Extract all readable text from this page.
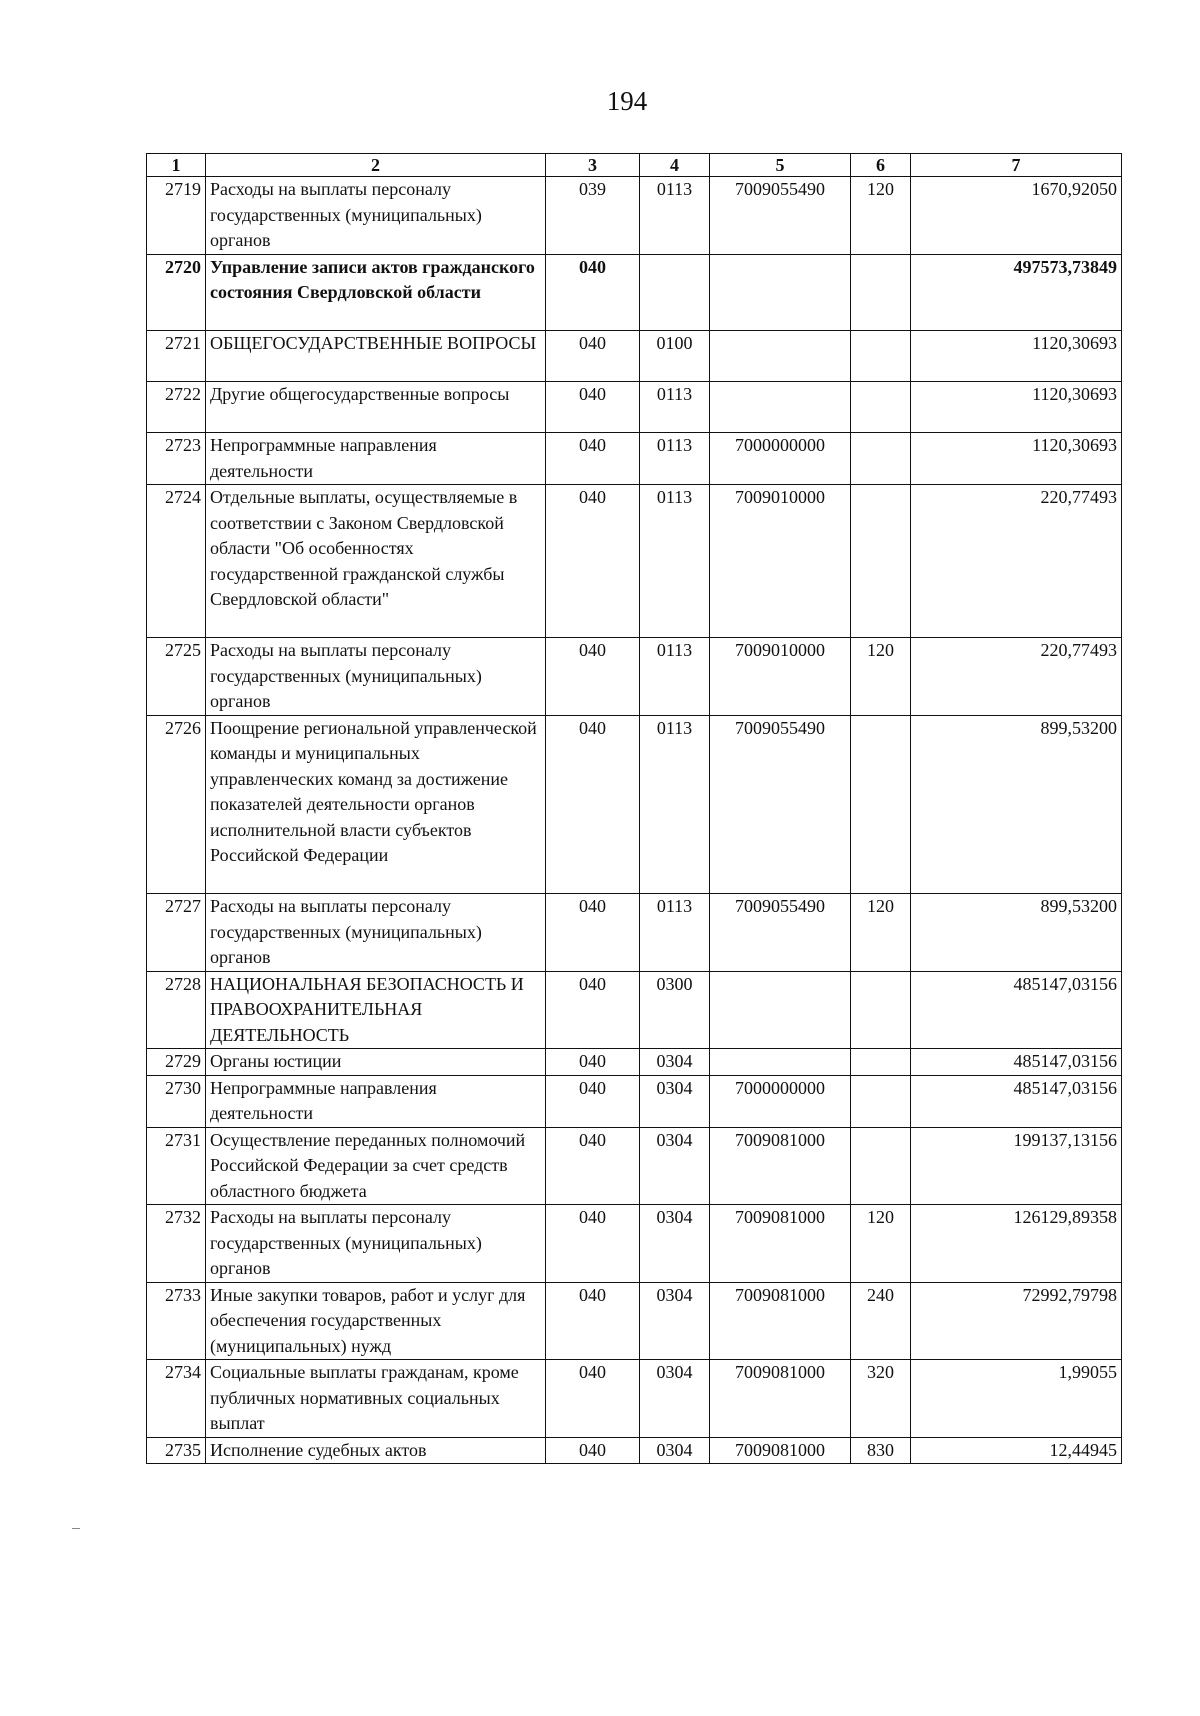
194
1	2	3	4	5	6	7
2719	Расходы на выплаты персоналу государственных (муниципальных) органов	039	0113	7009055490	120	1670,92050
2720	Управление записи актов гражданского состояния Свердловской области	040				497573,73849
2721	ОБЩЕГОСУДАРСТВЕННЫЕ ВОПРОСЫ	040	0100			1120,30693
2722	Другие общегосударственные вопросы	040	0113			1120,30693
2723	Непрограммные направления деятельности	040	0113	7000000000		1120,30693
2724	Отдельные выплаты, осуществляемые в соответствии с Законом Свердловской области "Об особенностях государственной гражданской службы Свердловской области"	040	0113	7009010000		220,77493
2725	Расходы на выплаты персоналу государственных (муниципальных) органов	040	0113	7009010000	120	220,77493
2726	Поощрение региональной управленческой команды и муниципальных управленческих команд за достижение показателей деятельности органов исполнительной власти субъектов Российской Федерации	040	0113	7009055490		899,53200
2727	Расходы на выплаты персоналу государственных (муниципальных) органов	040	0113	7009055490	120	899,53200
2728	НАЦИОНАЛЬНАЯ БЕЗОПАСНОСТЬ И ПРАВООХРАНИТЕЛЬНАЯ ДЕЯТЕЛЬНОСТЬ	040	0300			485147,03156
2729	Органы юстиции	040	0304			485147,03156
2730	Непрограммные направления деятельности	040	0304	7000000000		485147,03156
2731	Осуществление переданных полномочий Российской Федерации за счет средств областного бюджета	040	0304	7009081000		199137,13156
2732	Расходы на выплаты персоналу государственных (муниципальных) органов	040	0304	7009081000	120	126129,89358
2733	Иные закупки товаров, работ и услуг для обеспечения государственных (муниципальных) нужд	040	0304	7009081000	240	72992,79798
2734	Социальные выплаты гражданам, кроме публичных нормативных социальных выплат	040	0304	7009081000	320	1,99055
2735	Исполнение судебных актов	040	0304	7009081000	830	12,44945
